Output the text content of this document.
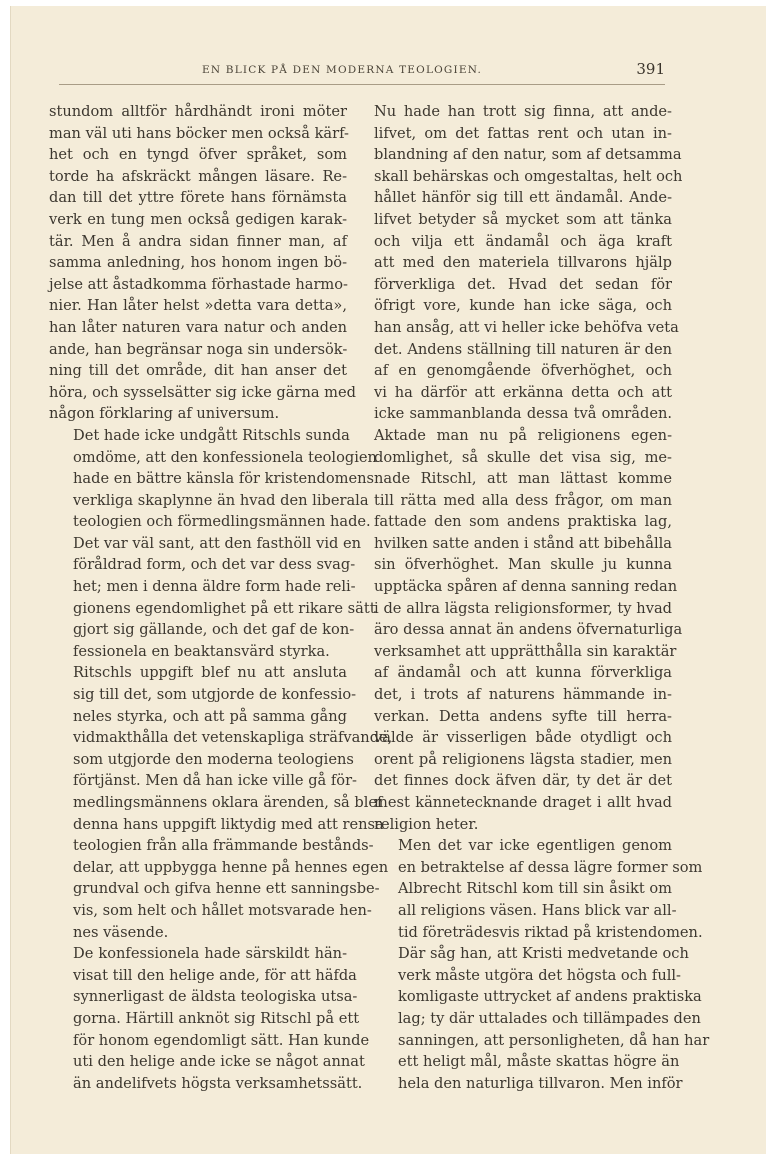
EN BLICK PÅ DEN MODERNA TEOLOGIEN.	391

stundom alltför hårdhändt ironi möter
man väl uti hans böcker men också kärf-
het och en tyngd öfver språket, som
torde ha afskräckt mången läsare. Re-
dan till det yttre förete hans förnämsta
verk en tung men också gedigen karak-
tär. Men å andra sidan finner man, af
samma anledning, hos honom ingen bö-
jelse att åstadkomma förhastade harmo-
nier. Han låter helst »detta vara detta»,
han låter naturen vara natur och anden
ande, han begränsar noga sin undersök-
ning till det område, dit han anser det
höra, och sysselsätter sig icke gärna med
någon förklaring af universum.

Det hade icke undgått Ritschls sunda
omdöme, att den konfessionela teologien
hade en bättre känsla för kristendomens
verkliga skaplynne än hvad den liberala
teologien och förmedlingsmännen hade.
Det var väl sant, att den fasthöll vid en
föråldrad form, och det var dess svag-
het; men i denna äldre form hade reli-
gionens egendomlighet på ett rikare sätt
gjort sig gällande, och det gaf de kon-
fessionela en beaktansvärd styrka.

Ritschls uppgift blef nu att ansluta
sig till det, som utgjorde de konfessio-
neles styrka, och att på samma gång
vidmakthålla det vetenskapliga sträfvande,
som utgjorde den moderna teologiens
förtjänst. Men då han icke ville gå för-
medlingsmännens oklara ärenden, så blef
denna hans uppgift liktydig med att rensa
teologien från alla främmande bestånds-
delar, att uppbygga henne på hennes egen
grundval och gifva henne ett sanningsbe-
vis, som helt och hållet motsvarade hen-
nes väsende.

De konfessionela hade särskildt hän-
visat till den helige ande, för att häfda
synnerligast de äldsta teologiska utsa-
gorna. Härtill anknöt sig Ritschl på ett
för honom egendomligt sätt. Han kunde
uti den helige ande icke se något annat
än andelifvets högsta verksamhetssätt.

Nu hade han trott sig finna, att ande-
lifvet, om det fattas rent och utan in-
blandning af den natur, som af detsamma
skall behärskas och omgestaltas, helt och
hållet hänför sig till ett ändamål. Ande-
lifvet betyder så mycket som att tänka
och vilja ett ändamål och äga kraft
att med den materiela tillvarons hjälp
förverkliga det. Hvad det sedan för
öfrigt vore, kunde han icke säga, och
han ansåg, att vi heller icke behöfva veta
det. Andens ställning till naturen är den
af en genomgående öfverhöghet, och
vi ha därför att erkänna detta och att
icke sammanblanda dessa två områden.
Aktade man nu på religionens egen-
domlighet, så skulle det visa sig, me-
nade Ritschl, att man lättast komme
till rätta med alla dess frågor, om man
fattade den som andens praktiska lag,
hvilken satte anden i stånd att bibehålla
sin öfverhöghet. Man skulle ju kunna
upptäcka spåren af denna sanning redan
i de allra lägsta religionsformer, ty hvad
äro dessa annat än andens öfvernaturliga
verksamhet att upprätthålla sin karaktär
af ändamål och att kunna förverkliga
det, i trots af naturens hämmande in-
verkan. Detta andens syfte till herra-
välde är visserligen både otydligt och
orent på religionens lägsta stadier, men
det finnes dock äfven där, ty det är det
mest kännetecknande draget i allt hvad
religion heter.

Men det var icke egentligen genom
en betraktelse af dessa lägre former som
Albrecht Ritschl kom till sin åsikt om
all religions väsen. Hans blick var all-
tid företrädesvis riktad på kristendomen.
Där såg han, att Kristi medvetande och
verk måste utgöra det högsta och full-
komligaste uttrycket af andens praktiska
lag; ty där uttalades och tillämpades den
sanningen, att personligheten, då han har
ett heligt mål, måste skattas högre än
hela den naturliga tillvaron. Men inför
